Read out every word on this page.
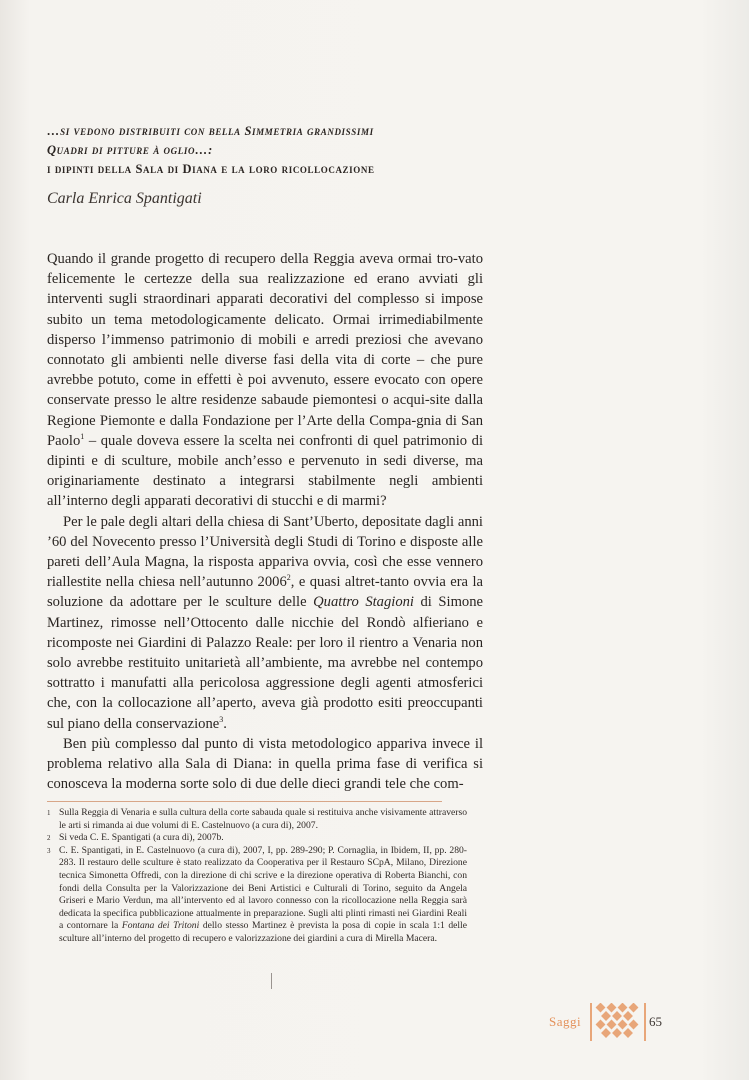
…si vedono distribuiti con bella Simmetria grandissimi
Quadri di pitture à oglio…:
i dipinti della Sala di Diana e la loro ricollocazione
Carla Enrica Spantigati

Quando il grande progetto di recupero della Reggia aveva ormai tro-vato felicemente le certezze della sua realizzazione ed erano avviati gli interventi sugli straordinari apparati decorativi del complesso si impose subito un tema metodologicamente delicato. Ormai irrimediabilmente disperso l’immenso patrimonio di mobili e arredi preziosi che avevano connotato gli ambienti nelle diverse fasi della vita di corte – che pure avrebbe potuto, come in effetti è poi avvenuto, essere evocato con opere conservate presso le altre residenze sabaude piemontesi o acqui-site dalla Regione Piemonte e dalla Fondazione per l’Arte della Compa-gnia di San Paolo$^1$ – quale doveva essere la scelta nei confronti di quel patrimonio di dipinti e di sculture, mobile anch’esso e pervenuto in sedi diverse, ma originariamente destinato a integrarsi stabilmente negli ambienti all’interno degli apparati decorativi di stucchi e di marmi?

Per le pale degli altari della chiesa di Sant’Uberto, depositate dagli anni ’60 del Novecento presso l’Università degli Studi di Torino e disposte alle pareti dell’Aula Magna, la risposta appariva ovvia, così che esse vennero riallestite nella chiesa nell’autunno 2006$^2$, e quasi altret-tanto ovvia era la soluzione da adottare per le sculture delle Quattro Stagioni di Simone Martinez, rimosse nell’Ottocento dalle nicchie del Rondò alfieriano e ricomposte nei Giardini di Palazzo Reale: per loro il rientro a Venaria non solo avrebbe restituito unitarietà all’ambiente, ma avrebbe nel contempo sottratto i manufatti alla pericolosa aggressione degli agenti atmosferici che, con la collocazione all’aperto, aveva già prodotto esiti preoccupanti sul piano della conservazione$^3$.

Ben più complesso dal punto di vista metodologico appariva invece il problema relativo alla Sala di Diana: in quella prima fase di verifica si conosceva la moderna sorte solo di due delle dieci grandi tele che com-

1 Sulla Reggia di Venaria e sulla cultura della corte sabauda quale si restituiva anche visivamente attraverso le arti si rimanda ai due volumi di E. Castelnuovo (a cura di), 2007.

2 Si veda C. E. Spantigati (a cura di), 2007b.

3 C. E. Spantigati, in E. Castelnuovo (a cura di), 2007, I, pp. 289-290; P. Cornaglia, in Ibidem, II, pp. 280-283. Il restauro delle sculture è stato realizzato da Cooperativa per il Restauro SCpA, Milano, Direzione tecnica Simonetta Offredi, con la direzione di chi scrive e la direzione operativa di Roberta Bianchi, con fondi della Consulta per la Valorizzazione dei Beni Artistici e Culturali di Torino, seguito da Angela Griseri e Mario Verdun, ma all’intervento ed al lavoro connesso con la ricollocazione nella Reggia sarà dedicata la specifica pubblicazione attualmente in preparazione. Sugli alti plinti rimasti nei Giardini Reali a contornare la Fontana dei Tritoni dello stesso Martinez è prevista la posa di copie in scala 1:1 delle sculture all’interno del progetto di recupero e valorizzazione dei giardini a cura di Mirella Macera.

Saggi	65
